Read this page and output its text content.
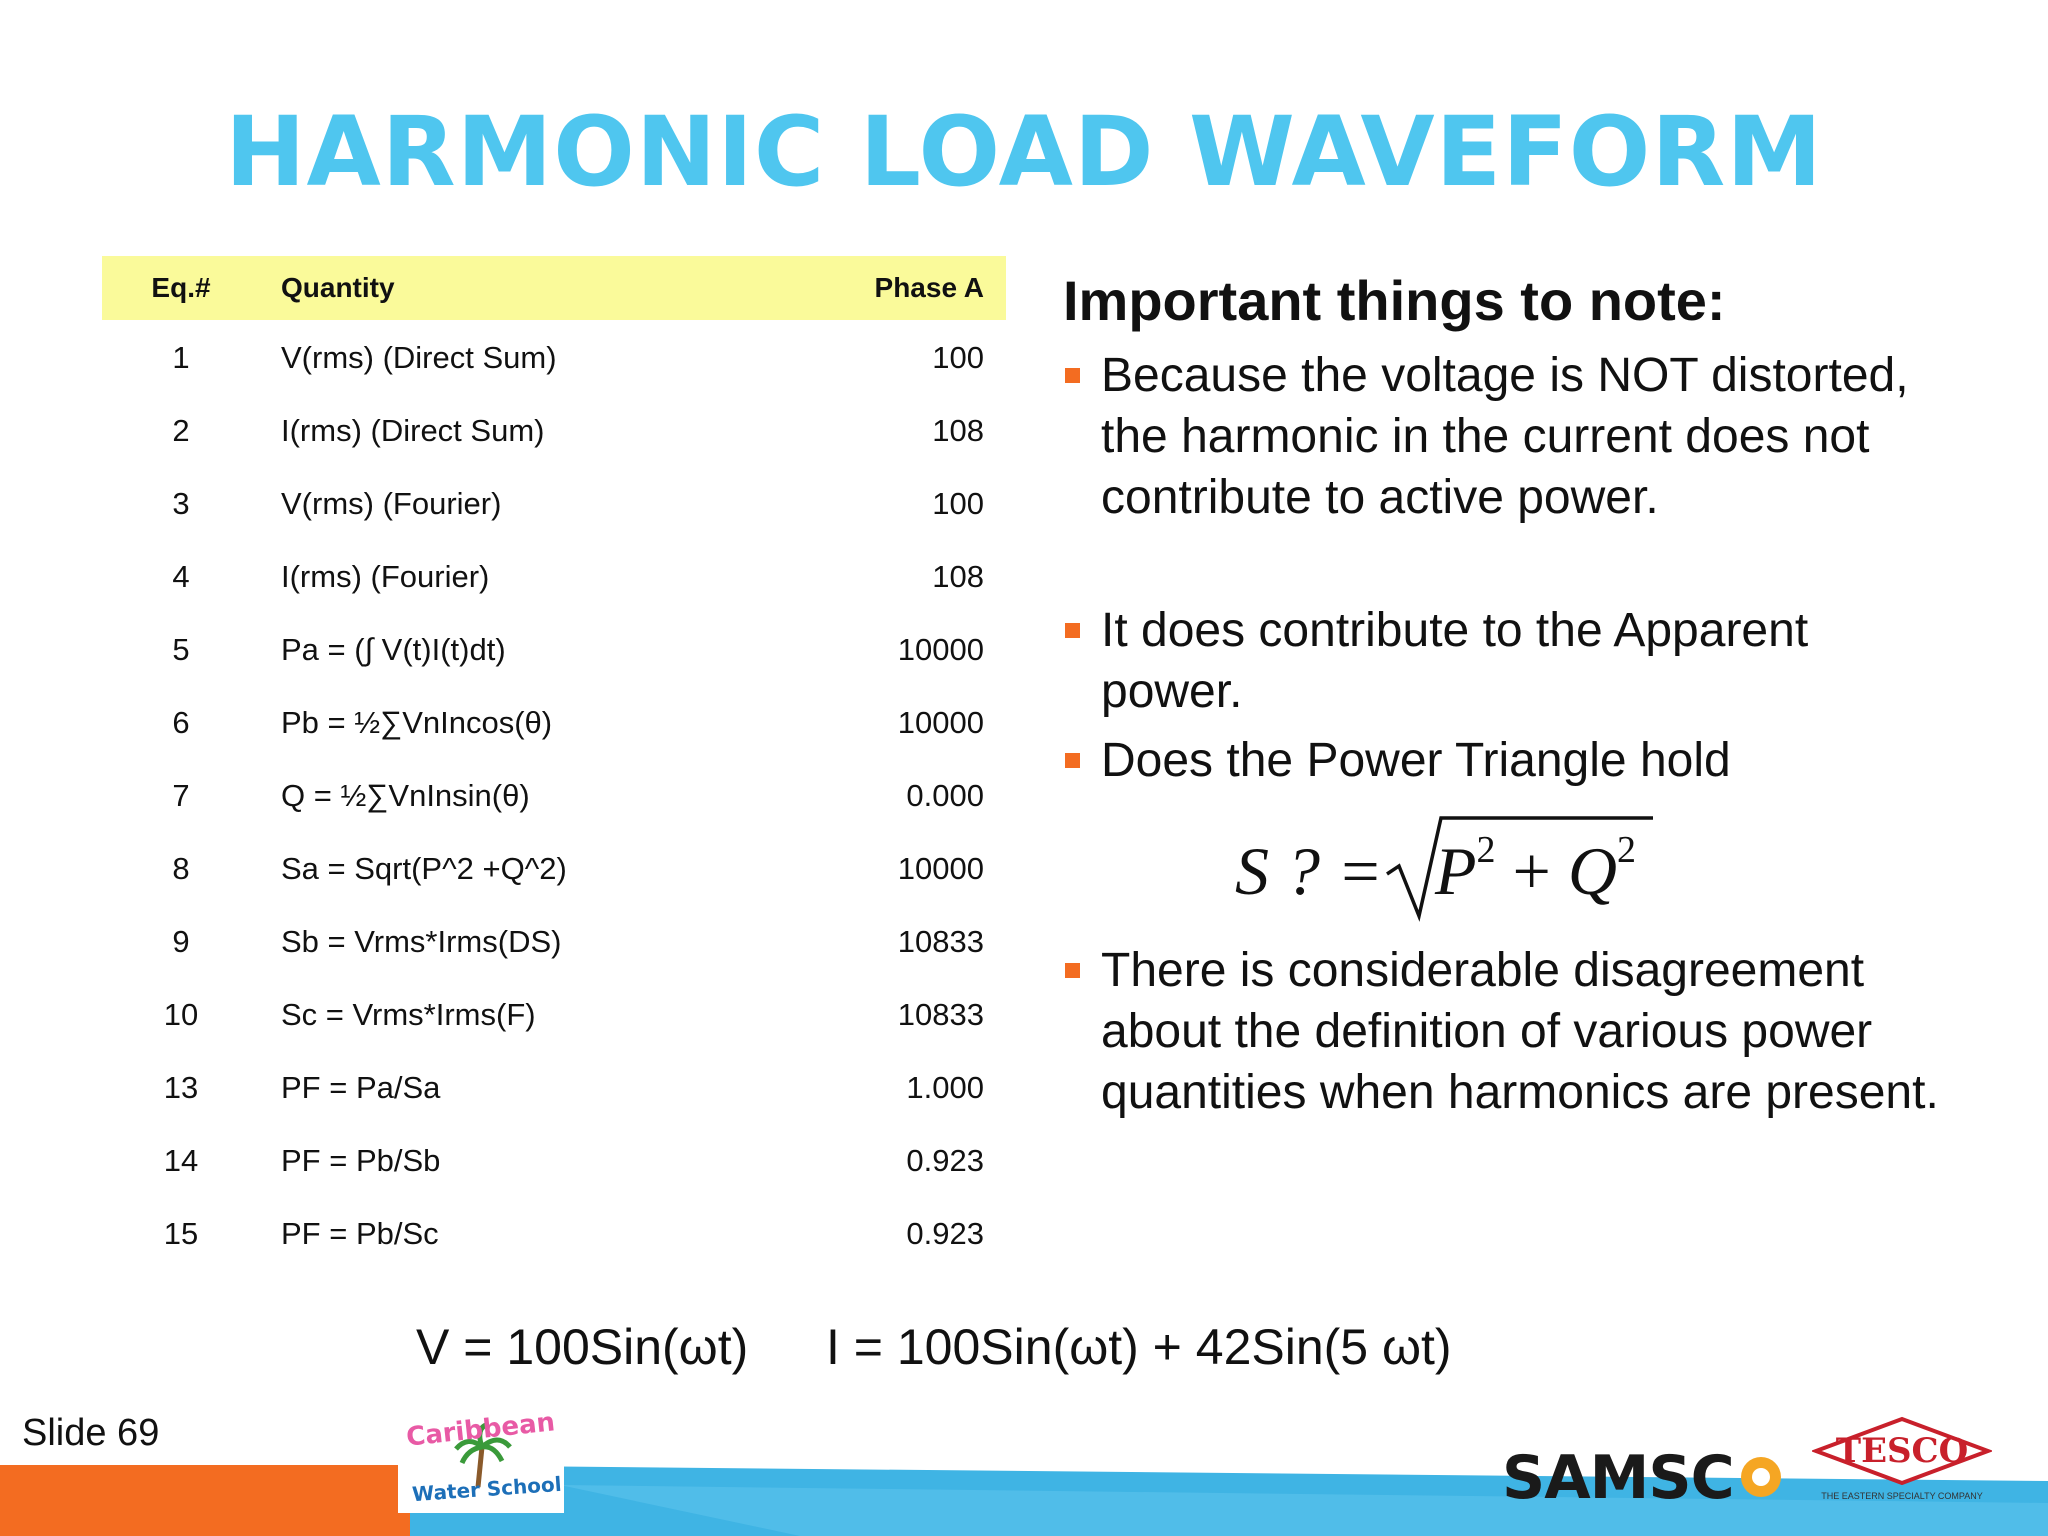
HARMONIC LOAD WAVEFORM
Eq.#	Quantity	Phase A
1	V(rms) (Direct Sum)	100
2	I(rms) (Direct Sum)	108
3	V(rms) (Fourier)	100
4	I(rms) (Fourier)	108
5	Pa = (∫ V(t)I(t)dt)	10000
6	Pb = ½∑VnIncos(θ)	10000
7	Q = ½∑VnInsin(θ)	0.000
8	Sa = Sqrt(P^2 +Q^2)	10000
9	Sb = Vrms*Irms(DS)	10833
10	Sc = Vrms*Irms(F)	10833
13	PF = Pa/Sa	1.000
14	PF = Pb/Sb	0.923
15	PF = Pb/Sc	0.923
Important things to note:
Because the voltage is NOT distorted, the harmonic in the current does not contribute to active power.
It does contribute to the Apparent power.
Does the Power Triangle hold
S ? = $P^2 + Q^2$
There is considerable disagreement about the definition of various power quantities when harmonics are present.
V = 100Sin(ωt) I = 100Sin(ωt) + 42Sin(5 ωt)
Slide 69	Caribbean
Water School	SAMSC	TESCO
THE EASTERN SPECIALTY COMPANY
